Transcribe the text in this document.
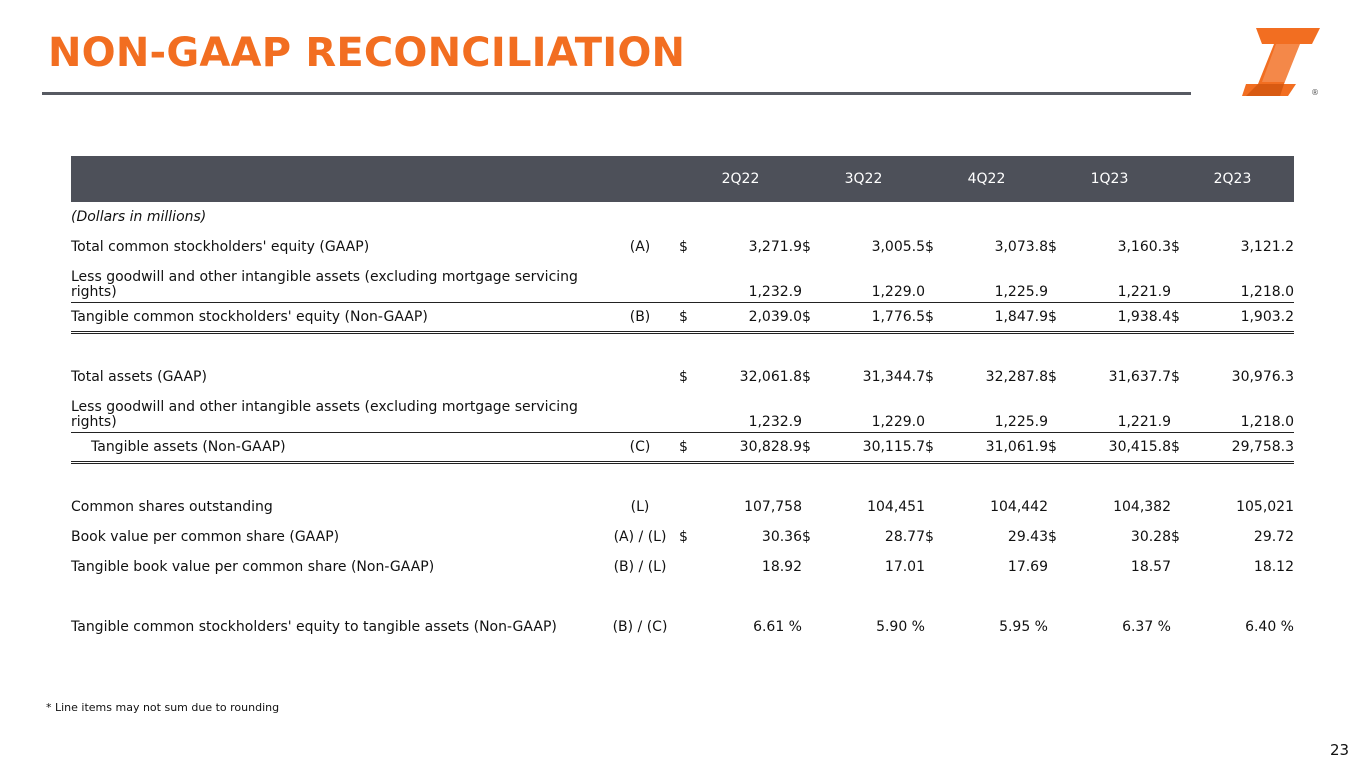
NON-GAAP RECONCILIATION
®
		2Q22		3Q22		4Q22		1Q23		2Q23	
(Dollars in millions)											
Total common stockholders' equity (GAAP)	(A)	$	3,271.9	$	3,005.5	$	3,073.8	$	3,160.3	$	3,121.2
Less goodwill and other intangible assets (excluding mortgage servicing rights)			1,232.9		1,229.0		1,225.9		1,221.9		1,218.0
Tangible common stockholders' equity (Non-GAAP)	(B)	$	2,039.0	$	1,776.5	$	1,847.9	$	1,938.4	$	1,903.2

Total assets (GAAP)		$	32,061.8	$	31,344.7	$	32,287.8	$	31,637.7	$	30,976.3
Less goodwill and other intangible assets (excluding mortgage servicing rights)			1,232.9		1,229.0		1,225.9		1,221.9		1,218.0
Tangible assets (Non-GAAP)	(C)	$	30,828.9	$	30,115.7	$	31,061.9	$	30,415.8	$	29,758.3

Common shares outstanding	(L)		107,758		104,451		104,442		104,382		105,021
Book value per common share (GAAP)	(A) / (L)	$	30.36	$	28.77	$	29.43	$	30.28	$	29.72
Tangible book value per common share (Non-GAAP)	(B) / (L)		18.92		17.01		17.69		18.57		18.12

Tangible common stockholders' equity to tangible assets (Non-GAAP)	(B) / (C)		6.61 %		5.90 %		5.95 %		6.37 %		6.40 %
* Line items may not sum due to rounding
23
